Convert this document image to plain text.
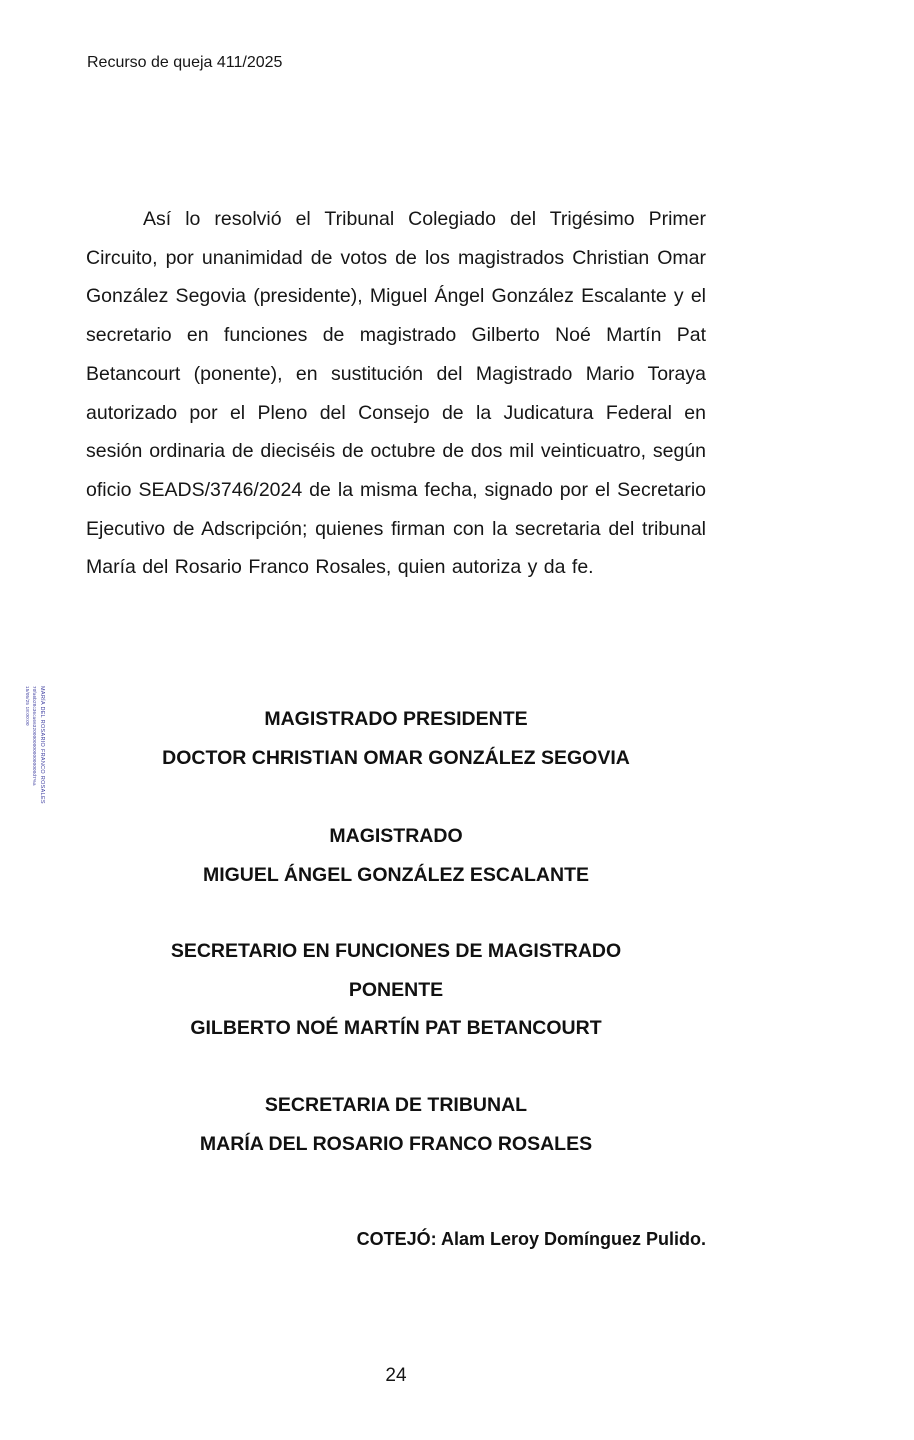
Recurso de queja 411/2025
MARÍA DEL ROSARIO FRANCO ROSALES
70fa6b28c36ca66320000000000000000d7%a
15/05/25 18:00:00

Así lo resolvió el Tribunal Colegiado del Trigésimo Primer Circuito, por unanimidad de votos de los magistrados Christian Omar González Segovia (presidente), Miguel Ángel González Escalante y el secretario en funciones de magistrado Gilberto Noé Martín Pat Betancourt (ponente), en sustitución del Magistrado Mario Toraya autorizado por el Pleno del Consejo de la Judicatura Federal en sesión ordinaria de dieciséis de octubre de dos mil veinticuatro, según oficio SEADS/3746/2024 de la misma fecha, signado por el Secretario Ejecutivo de Adscripción; quienes firman con la secretaria del tribunal María del Rosario Franco Rosales, quien autoriza y da fe.

MAGISTRADO PRESIDENTE
DOCTOR CHRISTIAN OMAR GONZÁLEZ SEGOVIA
MAGISTRADO
MIGUEL ÁNGEL GONZÁLEZ ESCALANTE
SECRETARIO EN FUNCIONES DE MAGISTRADO
PONENTE
GILBERTO NOÉ MARTÍN PAT BETANCOURT
SECRETARIA DE TRIBUNAL
MARÍA DEL ROSARIO FRANCO ROSALES
COTEJÓ: Alam Leroy Domínguez Pulido.
24
